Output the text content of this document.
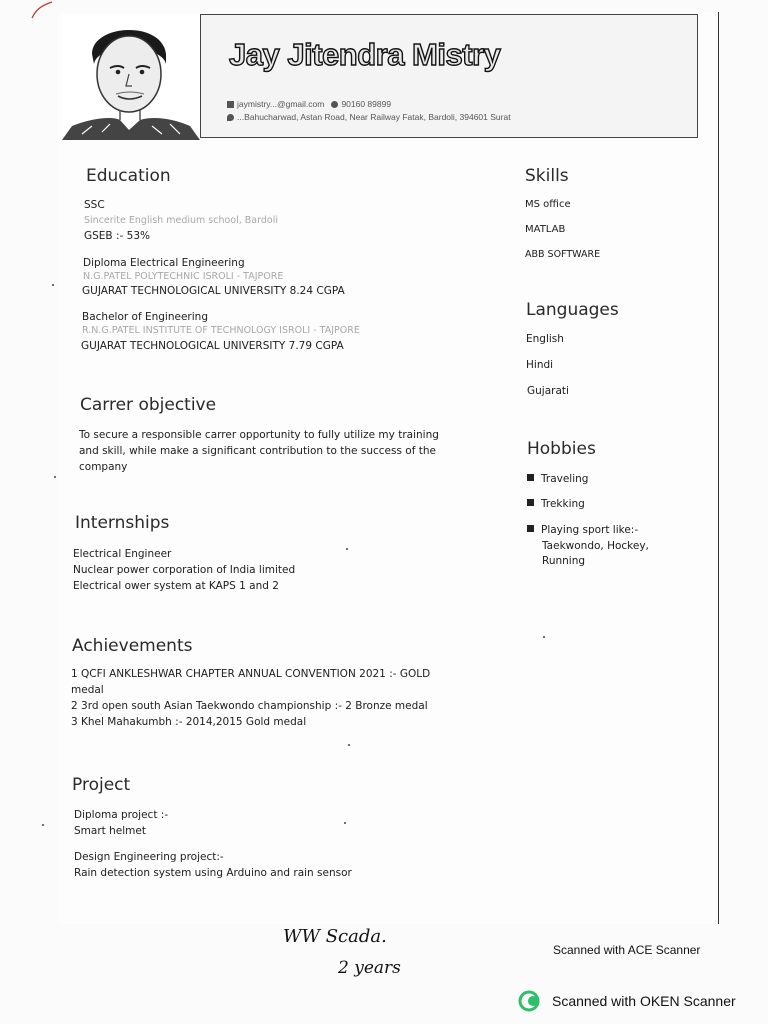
Jay Jitendra Mistry
jaymistry...@gmail.com 90160 89899
...Bahucharwad, Astan Road, Near Railway Fatak, Bardoli, 394601 Surat
Education
SSC
Sincerite English medium school, Bardoli
GSEB :- 53%
Diploma Electrical Engineering
N.G.PATEL POLYTECHNIC ISROLI - TAJPORE
GUJARAT TECHNOLOGICAL UNIVERSITY 8.24 CGPA
Bachelor of Engineering
R.N.G.PATEL INSTITUTE OF TECHNOLOGY ISROLI - TAJPORE
GUJARAT TECHNOLOGICAL UNIVERSITY 7.79 CGPA
Carrer objective
To secure a responsible carrer opportunity to fully utilize my training
and skill, while make a significant contribution to the success of the
company
Internships
Electrical Engineer
Nuclear power corporation of India limited
Electrical ower system at KAPS 1 and 2
Achievements
1 QCFI ANKLESHWAR CHAPTER ANNUAL CONVENTION 2021 :- GOLD
medal
2 3rd open south Asian Taekwondo championship :- 2 Bronze medal
3 Khel Mahakumbh :- 2014,2015 Gold medal
Project
Diploma project :-
Smart helmet
Design Engineering project:-
Rain detection system using Arduino and rain sensor
Skills
MS office
MATLAB
ABB SOFTWARE
Languages
English
Hindi
Gujarati
Hobbies
Traveling
Trekking
Playing sport like:-
Taekwondo, Hockey,
Running
WW Scada.
2 years
Scanned with ACE Scanner
Scanned with OKEN Scanner
